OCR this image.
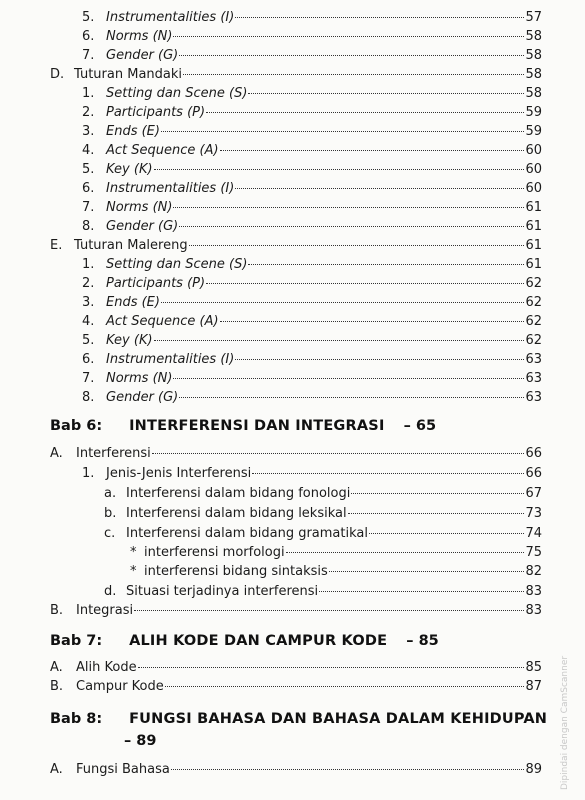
5. Instrumentalities (I)	57
6. Norms (N)	58
7. Gender (G)	58
D. Tuturan Mandaki	58
1. Setting dan Scene (S)	58
2. Participants (P)	59
3. Ends (E)	59
4. Act Sequence (A)	60
5. Key (K)	60
6. Instrumentalities (I)	60
7. Norms (N)	61
8. Gender (G)	61
E. Tuturan Malereng	61
1. Setting dan Scene (S)	61
2. Participants (P)	62
3. Ends (E)	62
4. Act Sequence (A)	62
5. Key (K)	62
6. Instrumentalities (I)	63
7. Norms (N)	63
8. Gender (G)	63
Bab 6: INTERFERENSI DAN INTEGRASI – 65
A.	Interferensi	66
1. Jenis-Jenis Interferensi	66
a. Interferensi dalam bidang fonologi	67
b. Interferensi dalam bidang leksikal	73
c. Interferensi dalam bidang gramatikal	74
* interferensi morfologi	75
* interferensi bidang sintaksis	82
d. Situasi terjadinya interferensi	83
B. Integrasi	83
Bab 7: ALIH KODE DAN CAMPUR KODE – 85
A.	Alih Kode	85
B. Campur Kode	87
Bab 8: FUNGSI BAHASA DAN BAHASA DALAM KEHIDUPAN
– 89
A.	Fungsi Bahasa	89 Dipindai dengan CamScanner
